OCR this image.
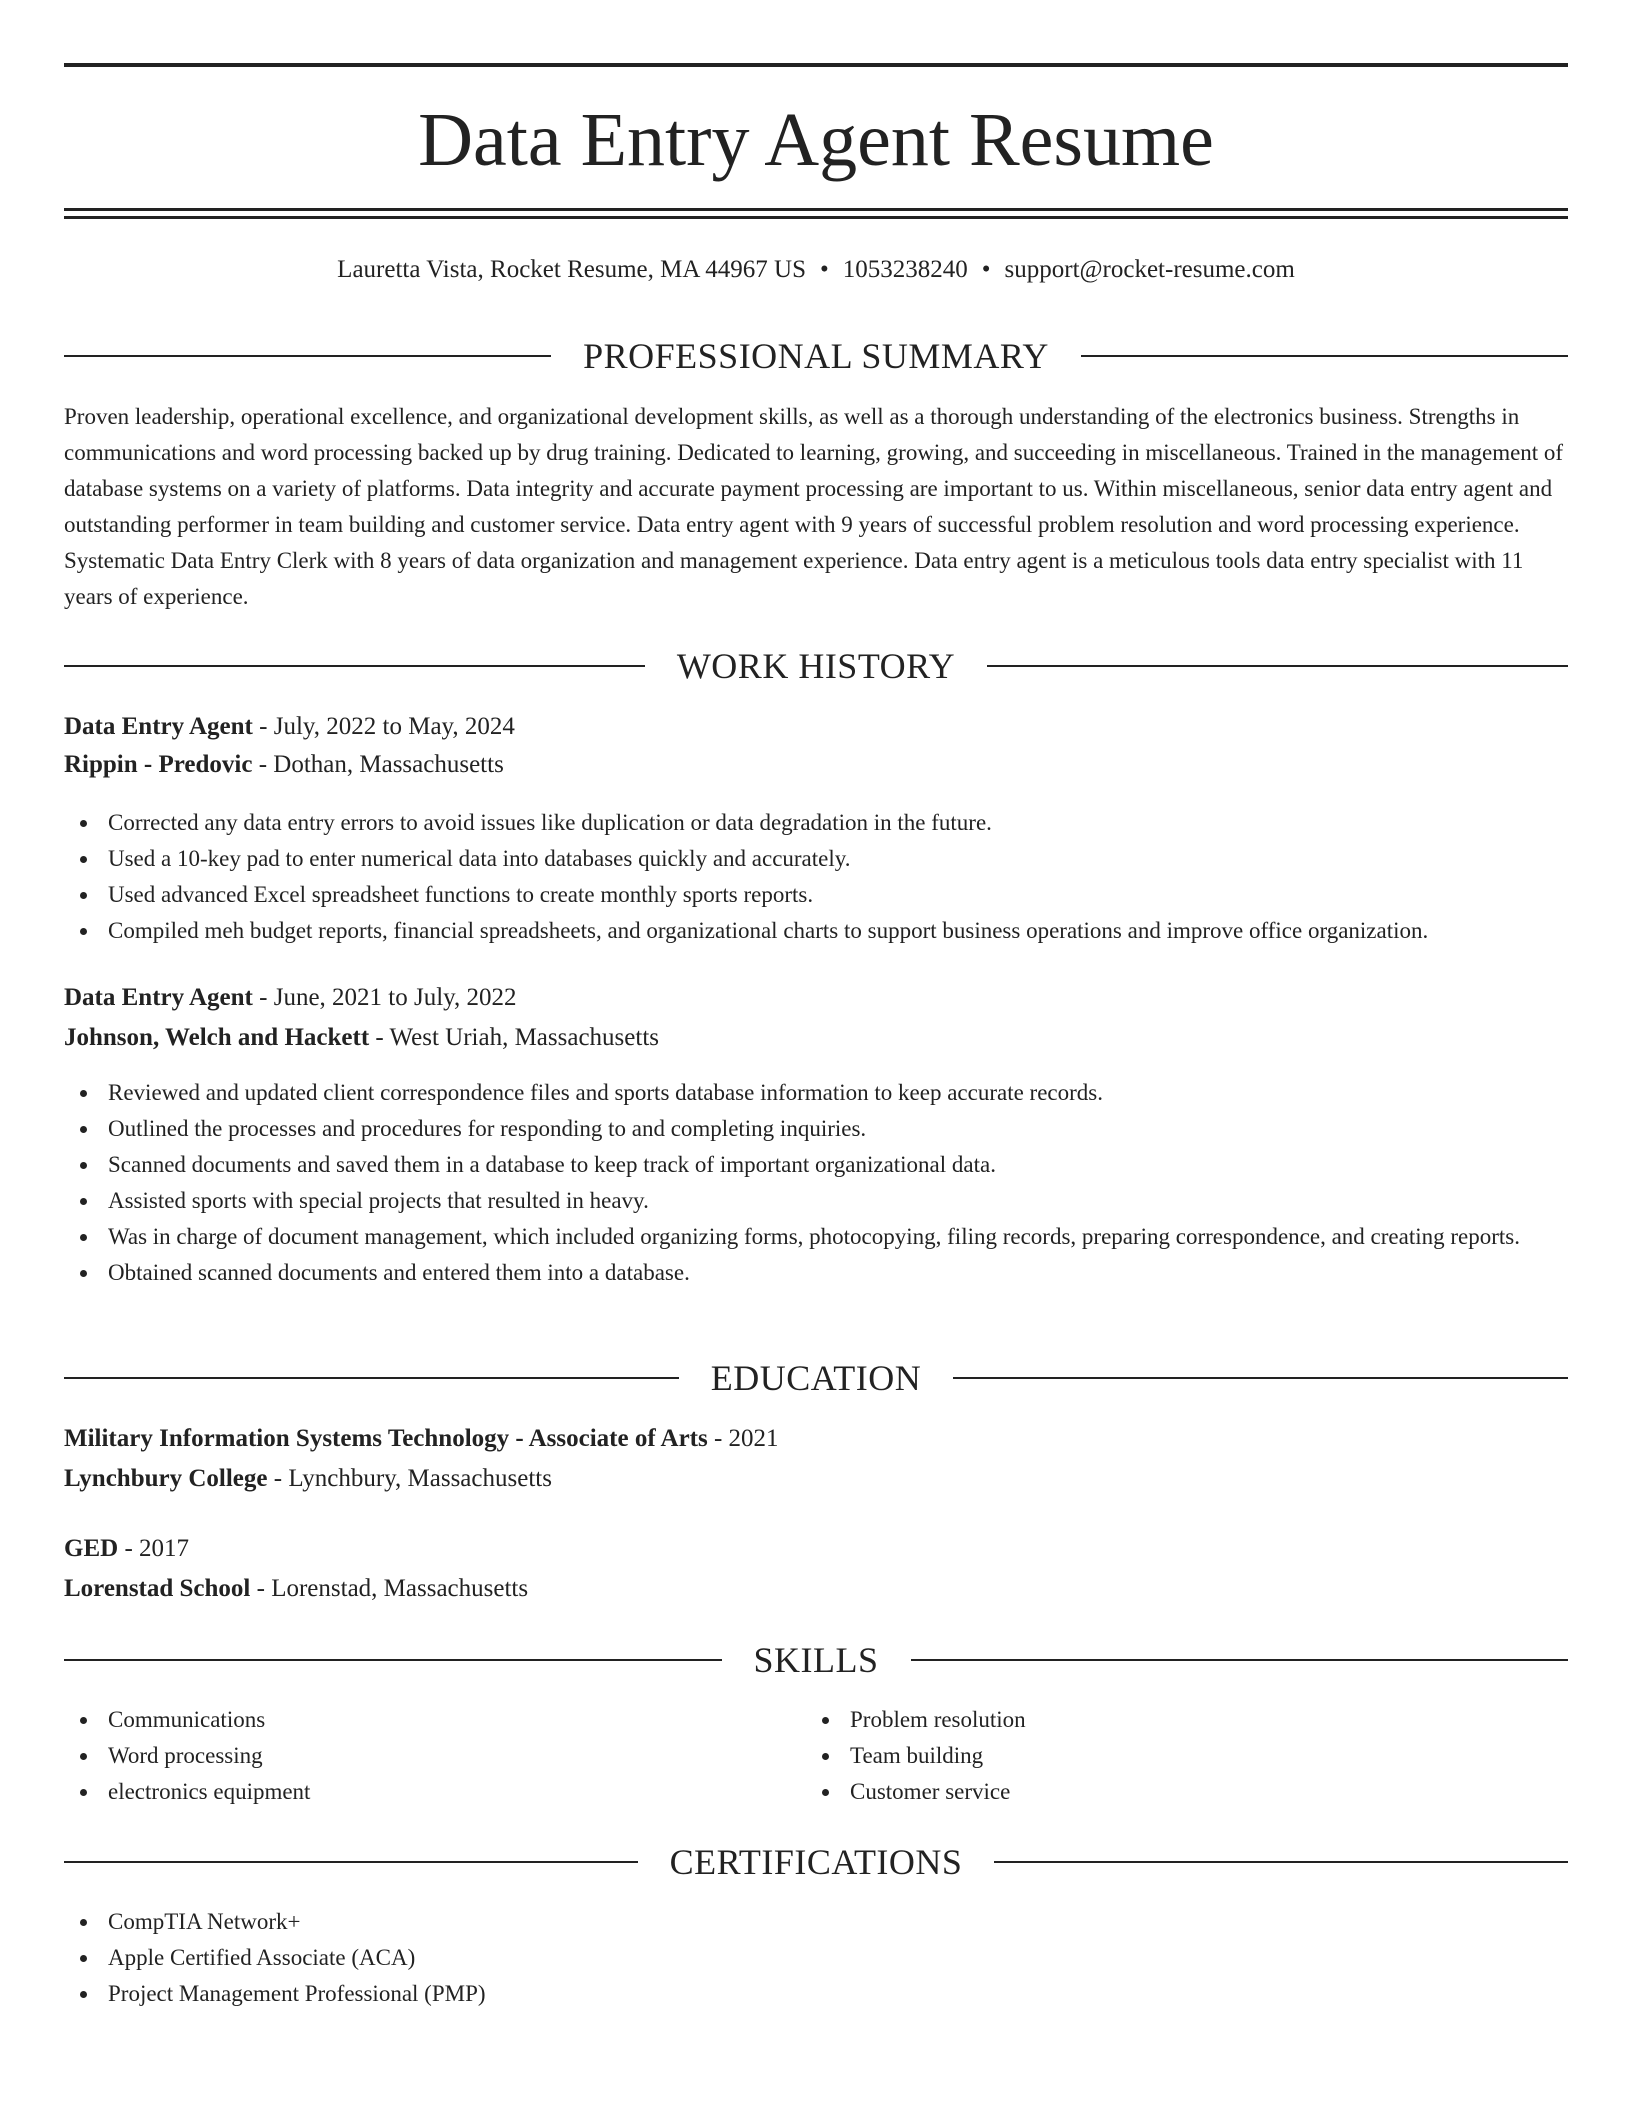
Data Entry Agent Resume
Lauretta Vista, Rocket Resume, MA 44967 US • 1053238240 • support@rocket-resume.com
PROFESSIONAL SUMMARY

Proven leadership, operational excellence, and organizational development skills, as well as a thorough understanding of the electronics business. Strengths in communications and word processing backed up by drug training. Dedicated to learning, growing, and succeeding in miscellaneous. Trained in the management of database systems on a variety of platforms. Data integrity and accurate payment processing are important to us. Within miscellaneous, senior data entry agent and outstanding performer in team building and customer service. Data entry agent with 9 years of successful problem resolution and word processing experience. Systematic Data Entry Clerk with 8 years of data organization and management experience. Data entry agent is a meticulous tools data entry specialist with 11 years of experience.

WORK HISTORY
Data Entry Agent - July, 2022 to May, 2024
Rippin - Predovic - Dothan, Massachusetts
Corrected any data entry errors to avoid issues like duplication or data degradation in the future.
Used a 10-key pad to enter numerical data into databases quickly and accurately.
Used advanced Excel spreadsheet functions to create monthly sports reports.
Compiled meh budget reports, financial spreadsheets, and organizational charts to support business operations and improve office organization.
Data Entry Agent - June, 2021 to July, 2022
Johnson, Welch and Hackett - West Uriah, Massachusetts
Reviewed and updated client correspondence files and sports database information to keep accurate records.
Outlined the processes and procedures for responding to and completing inquiries.
Scanned documents and saved them in a database to keep track of important organizational data.
Assisted sports with special projects that resulted in heavy.
Was in charge of document management, which included organizing forms, photocopying, filing records, preparing correspondence, and creating reports.
Obtained scanned documents and entered them into a database.
EDUCATION
Military Information Systems Technology - Associate of Arts - 2021
Lynchbury College - Lynchbury, Massachusetts
GED - 2017
Lorenstad School - Lorenstad, Massachusetts
SKILLS
Communications
Word processing
electronics equipment
Problem resolution
Team building
Customer service
CERTIFICATIONS
CompTIA Network+
Apple Certified Associate (ACA)
Project Management Professional (PMP)
